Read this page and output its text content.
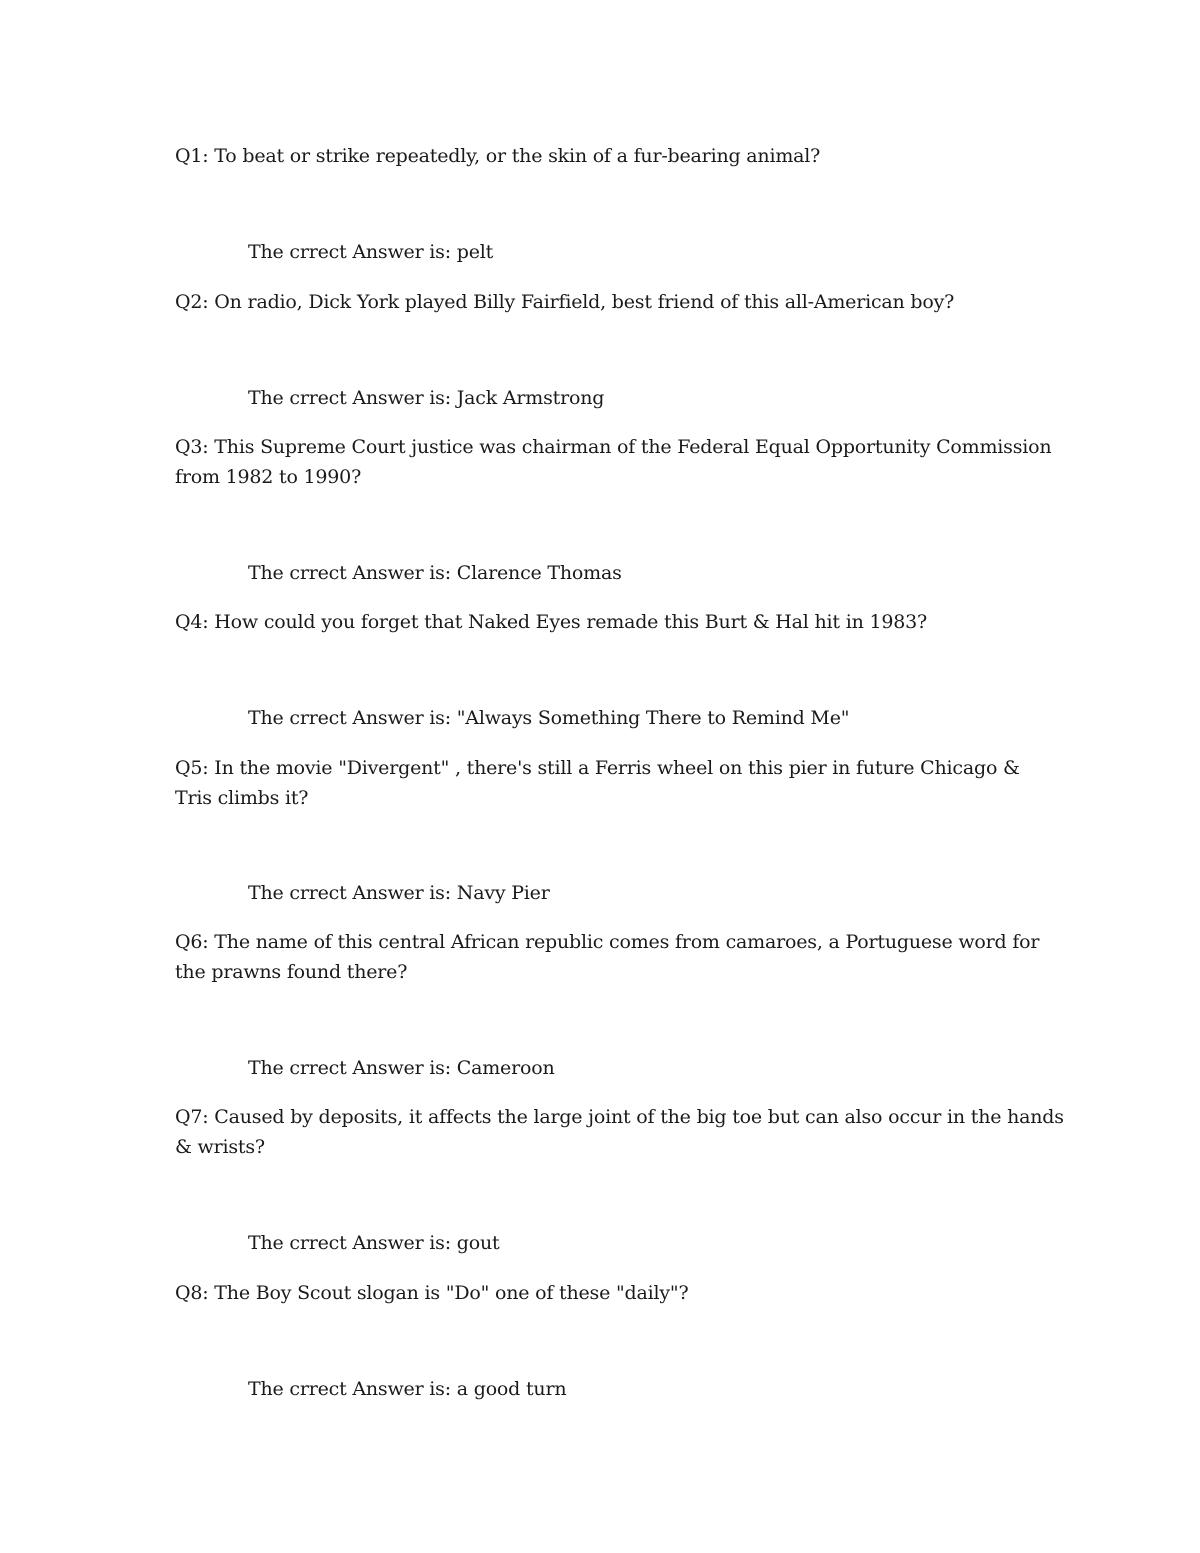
Q1: To beat or strike repeatedly, or the skin of a fur-bearing animal?
The crrect Answer is: pelt
Q2: On radio, Dick York played Billy Fairfield, best friend of this all-American boy?
The crrect Answer is: Jack Armstrong
Q3: This Supreme Court justice was chairman of the Federal Equal Opportunity Commission
from 1982 to 1990?
The crrect Answer is: Clarence Thomas
Q4: How could you forget that Naked Eyes remade this Burt & Hal hit in 1983?
The crrect Answer is: "Always Something There to Remind Me"
Q5: In the movie "Divergent" , there's still a Ferris wheel on this pier in future Chicago &
Tris climbs it?
The crrect Answer is: Navy Pier
Q6: The name of this central African republic comes from camaroes, a Portuguese word for
the prawns found there?
The crrect Answer is: Cameroon
Q7: Caused by deposits, it affects the large joint of the big toe but can also occur in the hands
& wrists?
The crrect Answer is: gout
Q8: The Boy Scout slogan is "Do" one of these "daily"?
The crrect Answer is: a good turn
